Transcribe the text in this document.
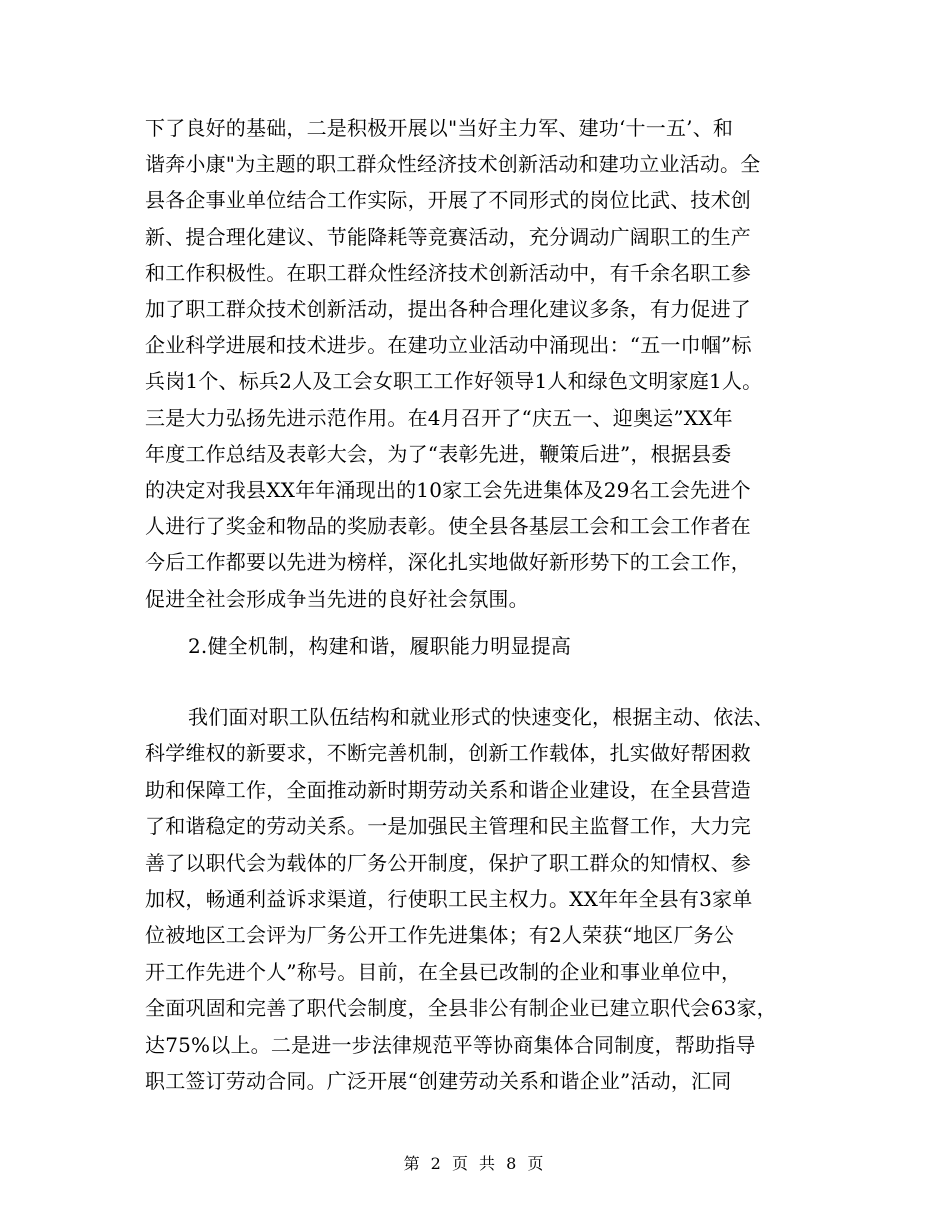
下了良好的基础，二是积极开展以"当好主力军、建功‘十一五’、和
谐奔小康"为主题的职工群众性经济技术创新活动和建功立业活动。全
县各企事业单位结合工作实际，开展了不同形式的岗位比武、技术创
新、提合理化建议、节能降耗等竞赛活动，充分调动广阔职工的生产
和工作积极性。在职工群众性经济技术创新活动中，有千余名职工参
加了职工群众技术创新活动，提出各种合理化建议多条，有力促进了
企业科学进展和技术进步。在建功立业活动中涌现出：“五一巾帼”标
兵岗1个、标兵2人及工会女职工工作好领导1人和绿色文明家庭1人。
三是大力弘扬先进示范作用。在4月召开了“庆五一、迎奥运”XX年
年度工作总结及表彰大会，为了“表彰先进，鞭策后进”，根据县委
的决定对我县XX年年涌现出的10家工会先进集体及29名工会先进个
人进行了奖金和物品的奖励表彰。使全县各基层工会和工会工作者在
今后工作都要以先进为榜样，深化扎实地做好新形势下的工会工作，
促进全社会形成争当先进的良好社会氛围。
2.健全机制，构建和谐，履职能力明显提高
我们面对职工队伍结构和就业形式的快速变化，根据主动、依法、
科学维权的新要求，不断完善机制，创新工作载体，扎实做好帮困救
助和保障工作，全面推动新时期劳动关系和谐企业建设，在全县营造
了和谐稳定的劳动关系。一是加强民主管理和民主监督工作，大力完
善了以职代会为载体的厂务公开制度，保护了职工群众的知情权、参
加权，畅通利益诉求渠道，行使职工民主权力。XX年年全县有3家单
位被地区工会评为厂务公开工作先进集体；有2人荣获“地区厂务公
开工作先进个人”称号。目前，在全县已改制的企业和事业单位中，
全面巩固和完善了职代会制度，全县非公有制企业已建立职代会63家，
达75%以上。二是进一步法律规范平等协商集体合同制度，帮助指导
职工签订劳动合同。广泛开展“创建劳动关系和谐企业”活动，汇同
第 2 页 共 8 页
